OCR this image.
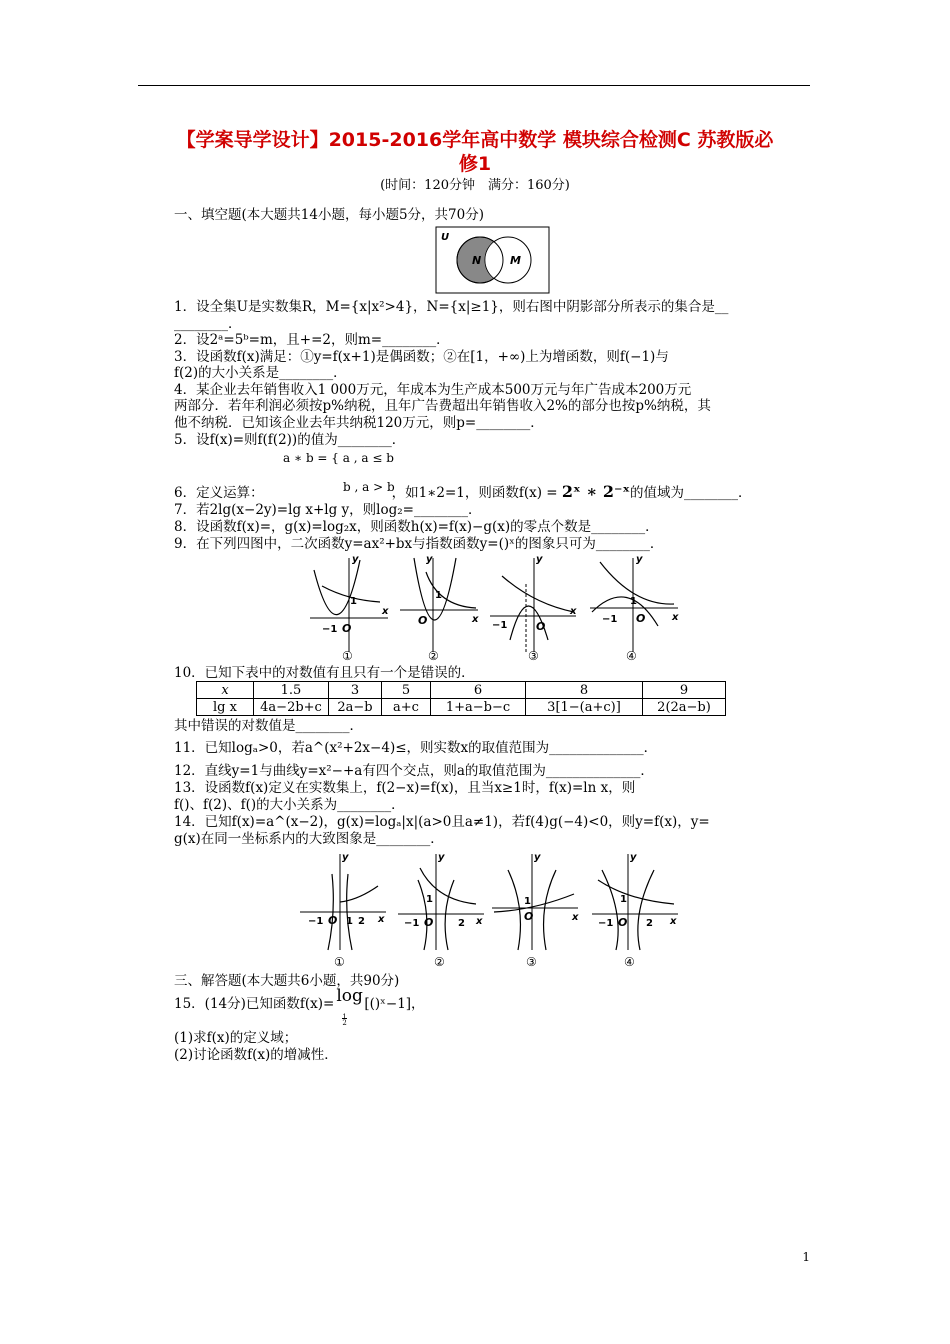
【学案导学设计】2015-2016学年高中数学 模块综合检测C 苏教版必
修1
(时间：120分钟　满分：160分)
一、填空题(本大题共14小题，每小题5分，共70分)
U
N	M
1．设全集U是实数集R，M={x|x²>4}，N={x|≥1}，则右图中阴影部分所表示的集合是__
________．
2．设2ᵃ=5ᵇ=m，且+=2，则m=________．
3．设函数f(x)满足：①y=f(x+1)是偶函数；②在[1，+∞)上为增函数，则f(−1)与
f(2)的大小关系是________．
4．某企业去年销售收入1 000万元，年成本为生产成本500万元与年广告成本200万元
两部分．若年利润必须按p%纳税，且年广告费超出年销售收入2%的部分也按p%纳税，其
他不纳税．已知该企业去年共纳税120万元，则p=________．
5．设f(x)=则f(f(2))的值为________．
a ∗ b = { a , a ≤ b
b , a > b
6．定义运算：	，如1∗2=1，则函数f(x) = 2ˣ ∗ 2⁻ˣ的值域为________．
7．若2lg(x−2y)=lg x+lg y，则log₂=________．
8．设函数f(x)=，g(x)=log₂x，则函数h(x)=f(x)−g(x)的零点个数是________．
9．在下列四图中，二次函数y=ax²+bx与指数函数y=()ˣ的图象只可为________．
y
x
O
1
−1
①
y
x
O
1
②
y
x
O
−1
③
y
x
O
1
−1
④
10．已知下表中的对数值有且只有一个是错误的．
x	1.5	3	5	6	8	9
lg x	4a−2b+c	2a−b	a+c	1+a−b−c	3[1−(a+c)]	2(2a−b)
其中错误的对数值是________．
11．已知logₐ>0，若a^(x²+2x−4)≤，则实数x的取值范围为______________．
12．直线y=1与曲线y=x²−+a有四个交点，则a的取值范围为______________．
13．设函数f(x)定义在实数集上，f(2−x)=f(x)，且当x≥1时，f(x)=ln x，则
f()、f(2)、f()的大小关系为________．
14．已知f(x)=a^(x−2)，g(x)=logₐ|x|(a>0且a≠1)，若f(4)g(−4)<0，则y=f(x)，y=
g(x)在同一坐标系内的大致图象是________．
y
x
O
−1 1 2
①
y
x
O
1
−1	2
②
y
x
O
1
③
y
x
O
1
−1	2
④
三、解答题(本大题共6小题，共90分)
15．(14分)已知函数f(x)= log
1
2
[()ˣ−1]，
(1)求f(x)的定义域；
(2)讨论函数f(x)的增减性．
1
